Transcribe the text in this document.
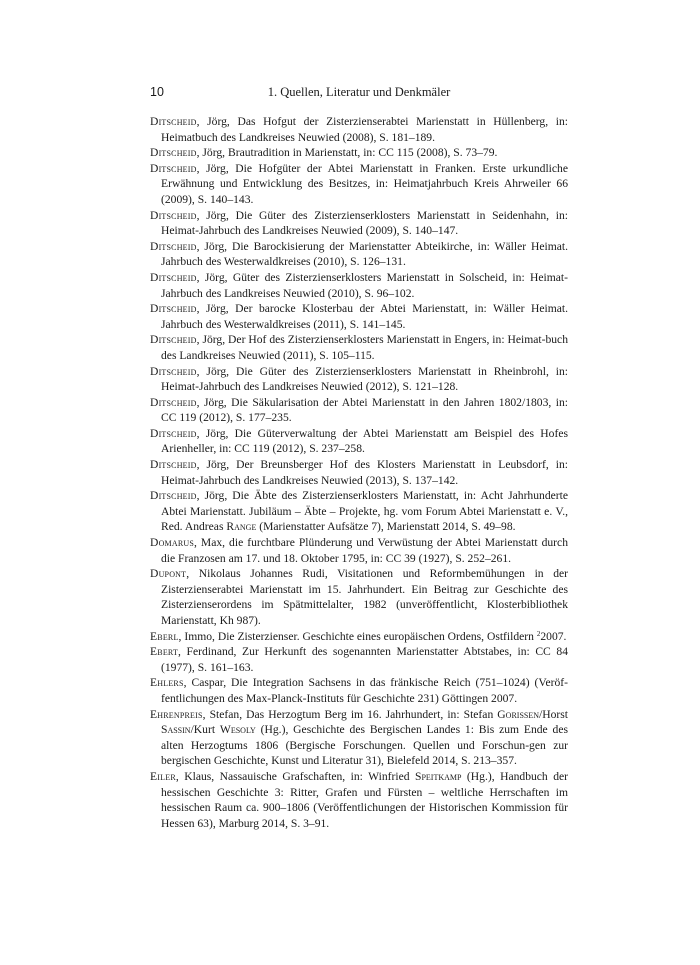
10	1. Quellen, Literatur und Denkmäler
Ditscheid, Jörg, Das Hofgut der Zisterzienserabtei Marienstatt in Hüllenberg, in: Heimatbuch des Landkreises Neuwied (2008), S. 181–189.
Ditscheid, Jörg, Brautradition in Marienstatt, in: CC 115 (2008), S. 73–79.
Ditscheid, Jörg, Die Hofgüter der Abtei Marienstatt in Franken. Erste urkundliche Erwähnung und Entwicklung des Besitzes, in: Heimatjahrbuch Kreis Ahrweiler 66 (2009), S. 140–143.
Ditscheid, Jörg, Die Güter des Zisterzienserklosters Marienstatt in Seidenhahn, in: Heimat-Jahrbuch des Landkreises Neuwied (2009), S. 140–147.
Ditscheid, Jörg, Die Barockisierung der Marienstatter Abteikirche, in: Wäller Heimat. Jahrbuch des Westerwaldkreises (2010), S. 126–131.
Ditscheid, Jörg, Güter des Zisterzienserklosters Marienstatt in Solscheid, in: Heimat-Jahrbuch des Landkreises Neuwied (2010), S. 96–102.
Ditscheid, Jörg, Der barocke Klosterbau der Abtei Marienstatt, in: Wäller Heimat. Jahrbuch des Westerwaldkreises (2011), S. 141–145.
Ditscheid, Jörg, Der Hof des Zisterzienserklosters Marienstatt in Engers, in: Heimat-buch des Landkreises Neuwied (2011), S. 105–115.
Ditscheid, Jörg, Die Güter des Zisterzienserklosters Marienstatt in Rheinbrohl, in: Heimat-Jahrbuch des Landkreises Neuwied (2012), S. 121–128.
Ditscheid, Jörg, Die Säkularisation der Abtei Marienstatt in den Jahren 1802/1803, in: CC 119 (2012), S. 177–235.
Ditscheid, Jörg, Die Güterverwaltung der Abtei Marienstatt am Beispiel des Hofes Arienheller, in: CC 119 (2012), S. 237–258.
Ditscheid, Jörg, Der Breunsberger Hof des Klosters Marienstatt in Leubsdorf, in: Heimat-Jahrbuch des Landkreises Neuwied (2013), S. 137–142.
Ditscheid, Jörg, Die Äbte des Zisterzienserklosters Marienstatt, in: Acht Jahrhunderte Abtei Marienstatt. Jubiläum – Äbte – Projekte, hg. vom Forum Abtei Marienstatt e. V., Red. Andreas Range (Marienstatter Aufsätze 7), Marienstatt 2014, S. 49–98.
Domarus, Max, die furchtbare Plünderung und Verwüstung der Abtei Marienstatt durch die Franzosen am 17. und 18. Oktober 1795, in: CC 39 (1927), S. 252–261.
Dupont, Nikolaus Johannes Rudi, Visitationen und Reformbemühungen in der Zisterzienserabtei Marienstatt im 15. Jahrhundert. Ein Beitrag zur Geschichte des Zisterzienserordens im Spätmittelalter, 1982 (unveröffentlicht, Klosterbibliothek Marienstatt, Kh 987).
Eberl, Immo, Die Zisterzienser. Geschichte eines europäischen Ordens, Ostfildern $^2$2007.
Ebert, Ferdinand, Zur Herkunft des sogenannten Marienstatter Abtstabes, in: CC 84 (1977), S. 161–163.
Ehlers, Caspar, Die Integration Sachsens in das fränkische Reich (751–1024) (Veröf-fentlichungen des Max-Planck-Instituts für Geschichte 231) Göttingen 2007.
Ehrenpreis, Stefan, Das Herzogtum Berg im 16. Jahrhundert, in: Stefan Gorissen/Horst Sassin/Kurt Wesoly (Hg.), Geschichte des Bergischen Landes 1: Bis zum Ende des alten Herzogtums 1806 (Bergische Forschungen. Quellen und Forschun-gen zur bergischen Geschichte, Kunst und Literatur 31), Bielefeld 2014, S. 213–357.
Eiler, Klaus, Nassauische Grafschaften, in: Winfried Speitkamp (Hg.), Handbuch der hessischen Geschichte 3: Ritter, Grafen und Fürsten – weltliche Herrschaften im hessischen Raum ca. 900–1806 (Veröffentlichungen der Historischen Kommission für Hessen 63), Marburg 2014, S. 3–91.
